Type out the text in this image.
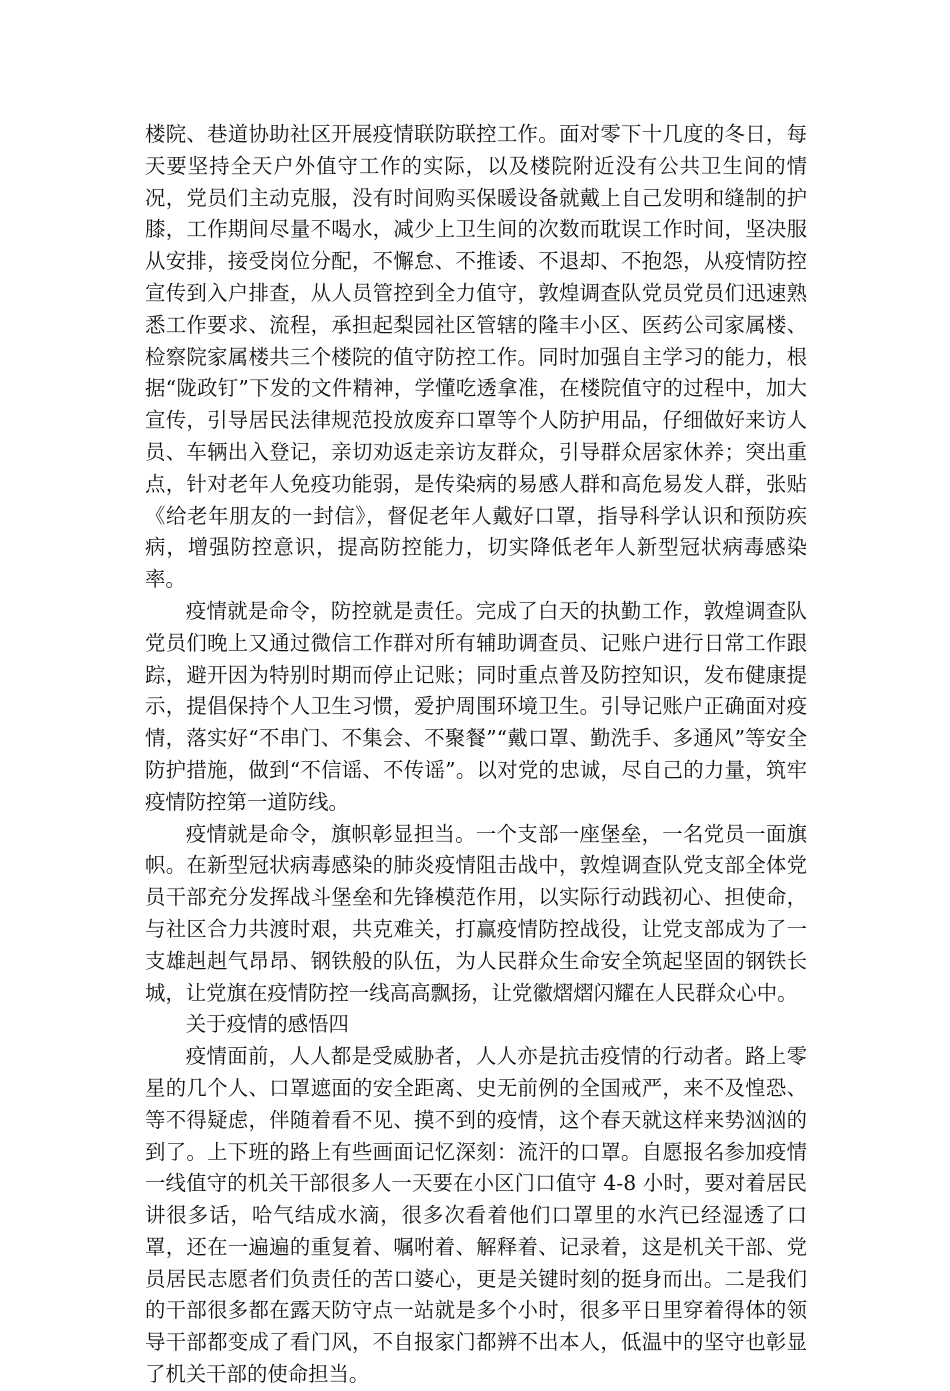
楼院、巷道协助社区开展疫情联防联控工作。面对零下十几度的冬日，每天要坚持全天户外值守工作的实际，以及楼院附近没有公共卫生间的情况，党员们主动克服，没有时间购买保暖设备就戴上自己发明和缝制的护膝，工作期间尽量不喝水，减少上卫生间的次数而耽误工作时间，坚决服从安排，接受岗位分配，不懈怠、不推诿、不退却、不抱怨，从疫情防控宣传到入户排查，从人员管控到全力值守，敦煌调查队党员党员们迅速熟悉工作要求、流程，承担起梨园社区管辖的隆丰小区、医药公司家属楼、检察院家属楼共三个楼院的值守防控工作。同时加强自主学习的能力，根据“陇政钉”下发的文件精神，学懂吃透拿准，在楼院值守的过程中，加大宣传，引导居民法律规范投放废弃口罩等个人防护用品，仔细做好来访人员、车辆出入登记，亲切劝返走亲访友群众，引导群众居家休养；突出重点，针对老年人免疫功能弱，是传染病的易感人群和高危易发人群，张贴《给老年朋友的一封信》，督促老年人戴好口罩，指导科学认识和预防疾病，增强防控意识，提高防控能力，切实降低老年人新型冠状病毒感染率。

疫情就是命令，防控就是责任。完成了白天的执勤工作，敦煌调查队党员们晚上又通过微信工作群对所有辅助调查员、记账户进行日常工作跟踪，避开因为特别时期而停止记账；同时重点普及防控知识，发布健康提示，提倡保持个人卫生习惯，爱护周围环境卫生。引导记账户正确面对疫情，落实好“不串门、不集会、不聚餐”“戴口罩、勤洗手、多通风”等安全防护措施，做到“不信谣、不传谣”。以对党的忠诚，尽自己的力量，筑牢疫情防控第一道防线。

疫情就是命令，旗帜彰显担当。一个支部一座堡垒，一名党员一面旗帜。在新型冠状病毒感染的肺炎疫情阻击战中，敦煌调查队党支部全体党员干部充分发挥战斗堡垒和先锋模范作用，以实际行动践初心、担使命，与社区合力共渡时艰，共克难关，打赢疫情防控战役，让党支部成为了一支雄赳赳气昂昂、钢铁般的队伍，为人民群众生命安全筑起坚固的钢铁长城，让党旗在疫情防控一线高高飘扬，让党徽熠熠闪耀在人民群众心中。

关于疫情的感悟四

疫情面前，人人都是受威胁者，人人亦是抗击疫情的行动者。路上零星的几个人、口罩遮面的安全距离、史无前例的全国戒严，来不及惶恐、等不得疑虑，伴随着看不见、摸不到的疫情，这个春天就这样来势汹汹的到了。上下班的路上有些画面记忆深刻：流汗的口罩。自愿报名参加疫情一线值守的机关干部很多人一天要在小区门口值守 4-8 小时，要对着居民讲很多话，哈气结成水滴，很多次看着他们口罩里的水汽已经湿透了口罩，还在一遍遍的重复着、嘱咐着、解释着、记录着，这是机关干部、党员居民志愿者们负责任的苦口婆心，更是关键时刻的挺身而出。二是我们的干部很多都在露天防守点一站就是多个小时，很多平日里穿着得体的领导干部都变成了看门风，不自报家门都辨不出本人，低温中的坚守也彰显了机关干部的使命担当。
